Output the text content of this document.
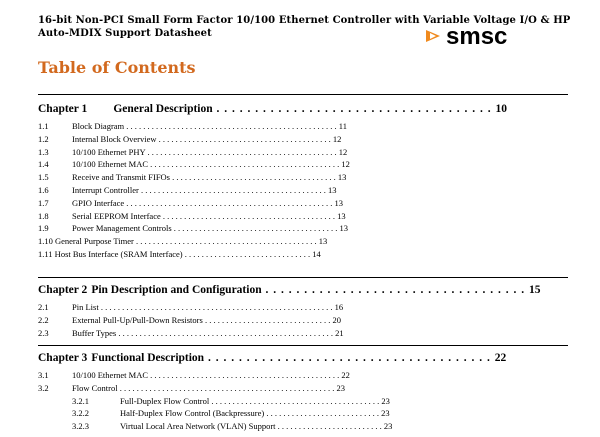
16-bit Non-PCI Small Form Factor 10/100 Ethernet Controller with Variable Voltage I/O & HP Auto-MDIX Support Datasheet	smsc
Table of Contents
Chapter 1 General Description . . . . . . . . . . . . . . . . . . . . . . . . . . . . . . . . . . . . 10
1.1	Block Diagram . . . . . . . . . . . . . . . . . . . . . . . . . . . . . . . . . . . . . . . . . . . . . . . . . . 11
1.2	Internal Block Overview . . . . . . . . . . . . . . . . . . . . . . . . . . . . . . . . . . . . . . . . . 12
1.3	10/100 Ethernet PHY . . . . . . . . . . . . . . . . . . . . . . . . . . . . . . . . . . . . . . . . . . . . . 12
1.4	10/100 Ethernet MAC . . . . . . . . . . . . . . . . . . . . . . . . . . . . . . . . . . . . . . . . . . . . . 12
1.5	Receive and Transmit FIFOs . . . . . . . . . . . . . . . . . . . . . . . . . . . . . . . . . . . . . . . 13
1.6	Interrupt Controller . . . . . . . . . . . . . . . . . . . . . . . . . . . . . . . . . . . . . . . . . . . . 13
1.7	GPIO Interface . . . . . . . . . . . . . . . . . . . . . . . . . . . . . . . . . . . . . . . . . . . . . . . . . 13
1.8	Serial EEPROM Interface . . . . . . . . . . . . . . . . . . . . . . . . . . . . . . . . . . . . . . . . . 13
1.9	Power Management Controls . . . . . . . . . . . . . . . . . . . . . . . . . . . . . . . . . . . . . . . 13
1.10 General Purpose Timer . . . . . . . . . . . . . . . . . . . . . . . . . . . . . . . . . . . . . . . . . . . 13
1.11 Host Bus Interface (SRAM Interface) . . . . . . . . . . . . . . . . . . . . . . . . . . . . . . 14
Chapter 2 Pin Description and Configuration . . . . . . . . . . . . . . . . . . . . . . . . . . . . . . . . . . 15
2.1	Pin List . . . . . . . . . . . . . . . . . . . . . . . . . . . . . . . . . . . . . . . . . . . . . . . . . . . . . . . 16
2.2	External Pull-Up/Pull-Down Resistors . . . . . . . . . . . . . . . . . . . . . . . . . . . . . . 20
2.3	Buffer Types . . . . . . . . . . . . . . . . . . . . . . . . . . . . . . . . . . . . . . . . . . . . . . . . . . . 21
Chapter 3 Functional Description . . . . . . . . . . . . . . . . . . . . . . . . . . . . . . . . . . . . . 22
3.1	10/100 Ethernet MAC . . . . . . . . . . . . . . . . . . . . . . . . . . . . . . . . . . . . . . . . . . . . . 22
3.2	Flow Control . . . . . . . . . . . . . . . . . . . . . . . . . . . . . . . . . . . . . . . . . . . . . . . . . . . 23
3.2.1	Full-Duplex Flow Control . . . . . . . . . . . . . . . . . . . . . . . . . . . . . . . . . . . . . . . . 23
3.2.2	Half-Duplex Flow Control (Backpressure) . . . . . . . . . . . . . . . . . . . . . . . . . . . 23
3.2.3	Virtual Local Area Network (VLAN) Support . . . . . . . . . . . . . . . . . . . . . . . . . 23
